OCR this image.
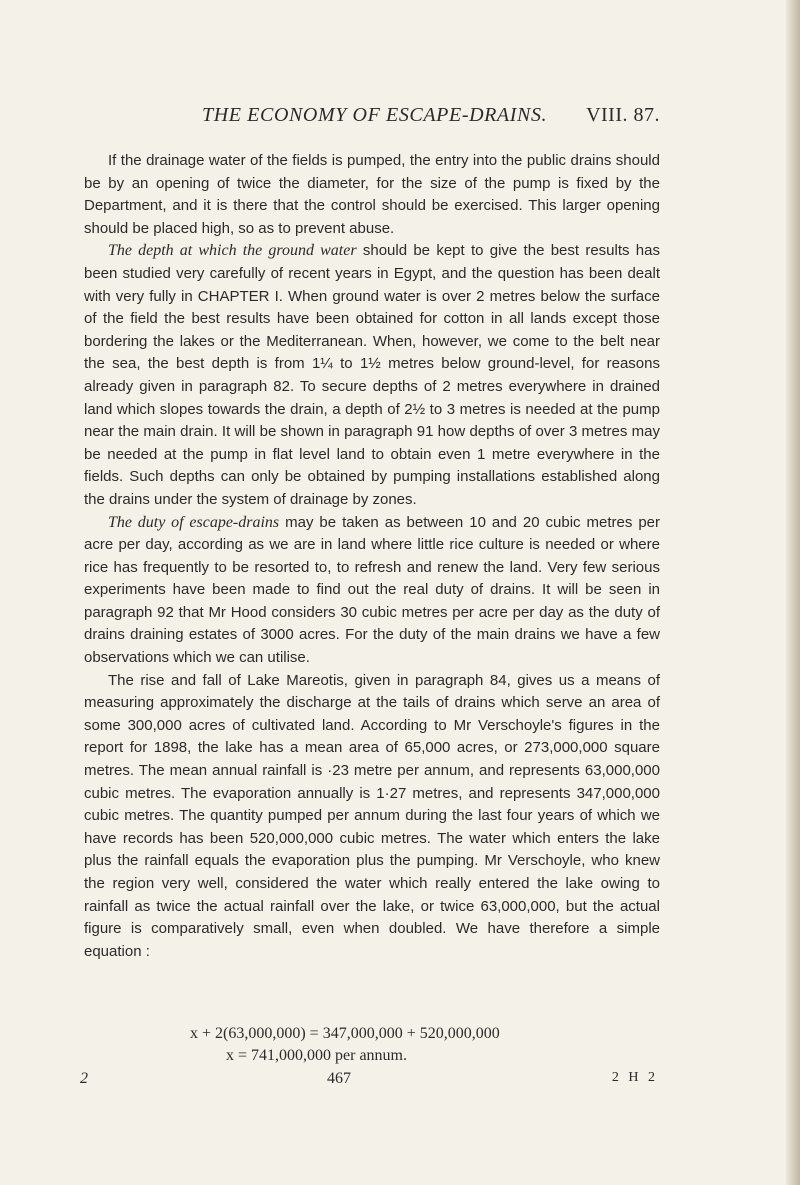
THE ECONOMY OF ESCAPE-DRAINS. VIII. 87.

If the drainage water of the fields is pumped, the entry into the public drains should be by an opening of twice the diameter, for the size of the pump is fixed by the Department, and it is there that the control should be exercised. This larger opening should be placed high, so as to prevent abuse.

The depth at which the ground water should be kept to give the best results has been studied very carefully of recent years in Egypt, and the question has been dealt with very fully in CHAPTER I. When ground water is over 2 metres below the surface of the field the best results have been obtained for cotton in all lands except those bordering the lakes or the Mediterranean. When, however, we come to the belt near the sea, the best depth is from 1¼ to 1½ metres below ground-level, for reasons already given in paragraph 82. To secure depths of 2 metres everywhere in drained land which slopes towards the drain, a depth of 2½ to 3 metres is needed at the pump near the main drain. It will be shown in paragraph 91 how depths of over 3 metres may be needed at the pump in flat level land to obtain even 1 metre everywhere in the fields. Such depths can only be obtained by pumping installations established along the drains under the system of drainage by zones.

The duty of escape-drains may be taken as between 10 and 20 cubic metres per acre per day, according as we are in land where little rice culture is needed or where rice has frequently to be resorted to, to refresh and renew the land. Very few serious experiments have been made to find out the real duty of drains. It will be seen in paragraph 92 that Mr Hood considers 30 cubic metres per acre per day as the duty of drains draining estates of 3000 acres. For the duty of the main drains we have a few observations which we can utilise.

The rise and fall of Lake Mareotis, given in paragraph 84, gives us a means of measuring approximately the discharge at the tails of drains which serve an area of some 300,000 acres of cultivated land. According to Mr Verschoyle's figures in the report for 1898, the lake has a mean area of 65,000 acres, or 273,000,000 square metres. The mean annual rainfall is ·23 metre per annum, and represents 63,000,000 cubic metres. The evaporation annually is 1·27 metres, and represents 347,000,000 cubic metres. The quantity pumped per annum during the last four years of which we have records has been 520,000,000 cubic metres. The water which enters the lake plus the rainfall equals the evaporation plus the pumping. Mr Verschoyle, who knew the region very well, considered the water which really entered the lake owing to rainfall as twice the actual rainfall over the lake, or twice 63,000,000, but the actual figure is comparatively small, even when doubled. We have therefore a simple equation :

x + 2(63,000,000) = 347,000,000 + 520,000,000
x = 741,000,000 per annum.
2	467	2 H 2
